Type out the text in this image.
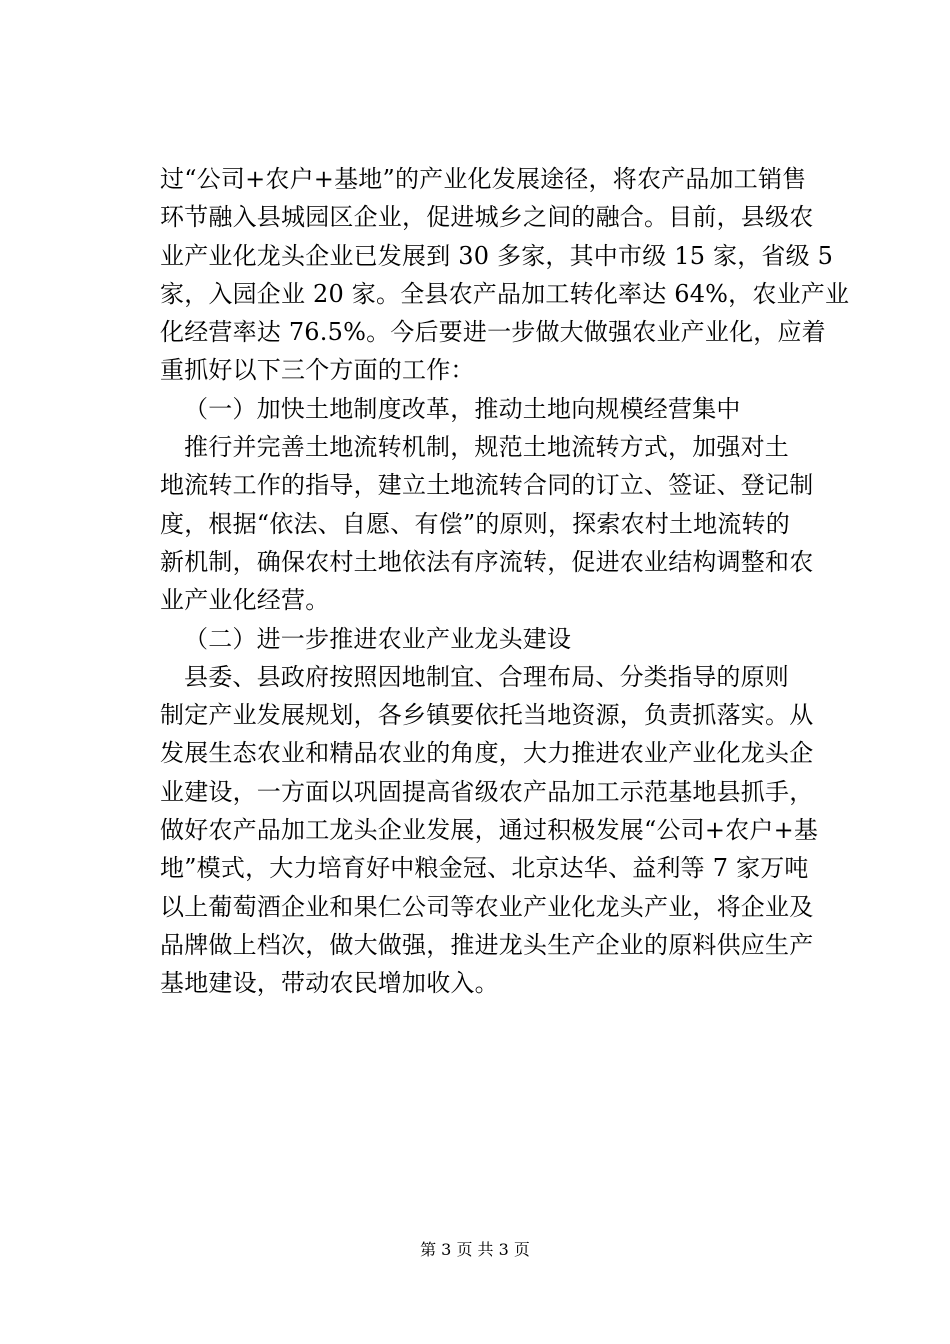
过“公司+农户+基地”的产业化发展途径，将农产品加工销售
环节融入县城园区企业，促进城乡之间的融合。目前，县级农
业产业化龙头企业已发展到 30 多家，其中市级 15 家，省级 5
家，入园企业 20 家。全县农产品加工转化率达 64%，农业产业
化经营率达 76.5%。今后要进一步做大做强农业产业化，应着
重抓好以下三个方面的工作：
（一）加快土地制度改革，推动土地向规模经营集中
推行并完善土地流转机制，规范土地流转方式，加强对土
地流转工作的指导，建立土地流转合同的订立、签证、登记制
度，根据“依法、自愿、有偿”的原则，探索农村土地流转的
新机制，确保农村土地依法有序流转，促进农业结构调整和农
业产业化经营。
（二）进一步推进农业产业龙头建设
县委、县政府按照因地制宜、合理布局、分类指导的原则
制定产业发展规划，各乡镇要依托当地资源，负责抓落实。从
发展生态农业和精品农业的角度，大力推进农业产业化龙头企
业建设，一方面以巩固提高省级农产品加工示范基地县抓手，
做好农产品加工龙头企业发展，通过积极发展“公司+农户+基
地”模式，大力培育好中粮金冠、北京达华、益利等 7 家万吨
以上葡萄酒企业和果仁公司等农业产业化龙头产业，将企业及
品牌做上档次，做大做强，推进龙头生产企业的原料供应生产
基地建设，带动农民增加收入。
第 3 页 共 3 页
